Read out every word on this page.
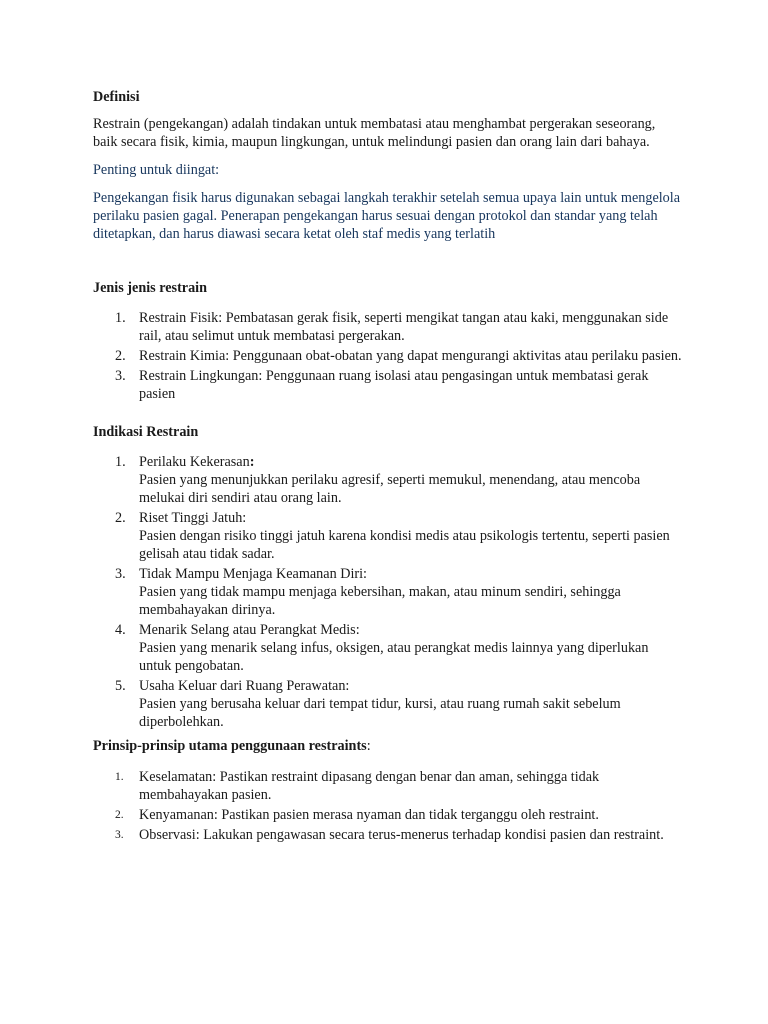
Definisi

Restrain (pengekangan) adalah tindakan untuk membatasi atau menghambat pergerakan seseorang, baik secara fisik, kimia, maupun lingkungan, untuk melindungi pasien dan orang lain dari bahaya.

Penting untuk diingat:

Pengekangan fisik harus digunakan sebagai langkah terakhir setelah semua upaya lain untuk mengelola perilaku pasien gagal. Penerapan pengekangan harus sesuai dengan protokol dan standar yang telah ditetapkan, dan harus diawasi secara ketat oleh staf medis yang terlatih

Jenis jenis restrain

1. Restrain Fisik: Pembatasan gerak fisik, seperti mengikat tangan atau kaki, menggunakan side rail, atau selimut untuk membatasi pergerakan.
2. Restrain Kimia: Penggunaan obat-obatan yang dapat mengurangi aktivitas atau perilaku pasien.
3. Restrain Lingkungan: Penggunaan ruang isolasi atau pengasingan untuk membatasi gerak pasien

Indikasi Restrain

1. Perilaku Kekerasan:
Pasien yang menunjukkan perilaku agresif, seperti memukul, menendang, atau mencoba melukai diri sendiri atau orang lain.
2. Riset Tinggi Jatuh:
Pasien dengan risiko tinggi jatuh karena kondisi medis atau psikologis tertentu, seperti pasien gelisah atau tidak sadar.
3. Tidak Mampu Menjaga Keamanan Diri:
Pasien yang tidak mampu menjaga kebersihan, makan, atau minum sendiri, sehingga membahayakan dirinya.
4. Menarik Selang atau Perangkat Medis:
Pasien yang menarik selang infus, oksigen, atau perangkat medis lainnya yang diperlukan untuk pengobatan.
5. Usaha Keluar dari Ruang Perawatan:
Pasien yang berusaha keluar dari tempat tidur, kursi, atau ruang rumah sakit sebelum diperbolehkan.

Prinsip-prinsip utama penggunaan restraints:

1. Keselamatan: Pastikan restraint dipasang dengan benar dan aman, sehingga tidak membahayakan pasien.
2. Kenyamanan: Pastikan pasien merasa nyaman dan tidak terganggu oleh restraint.
3. Observasi: Lakukan pengawasan secara terus-menerus terhadap kondisi pasien dan restraint.
